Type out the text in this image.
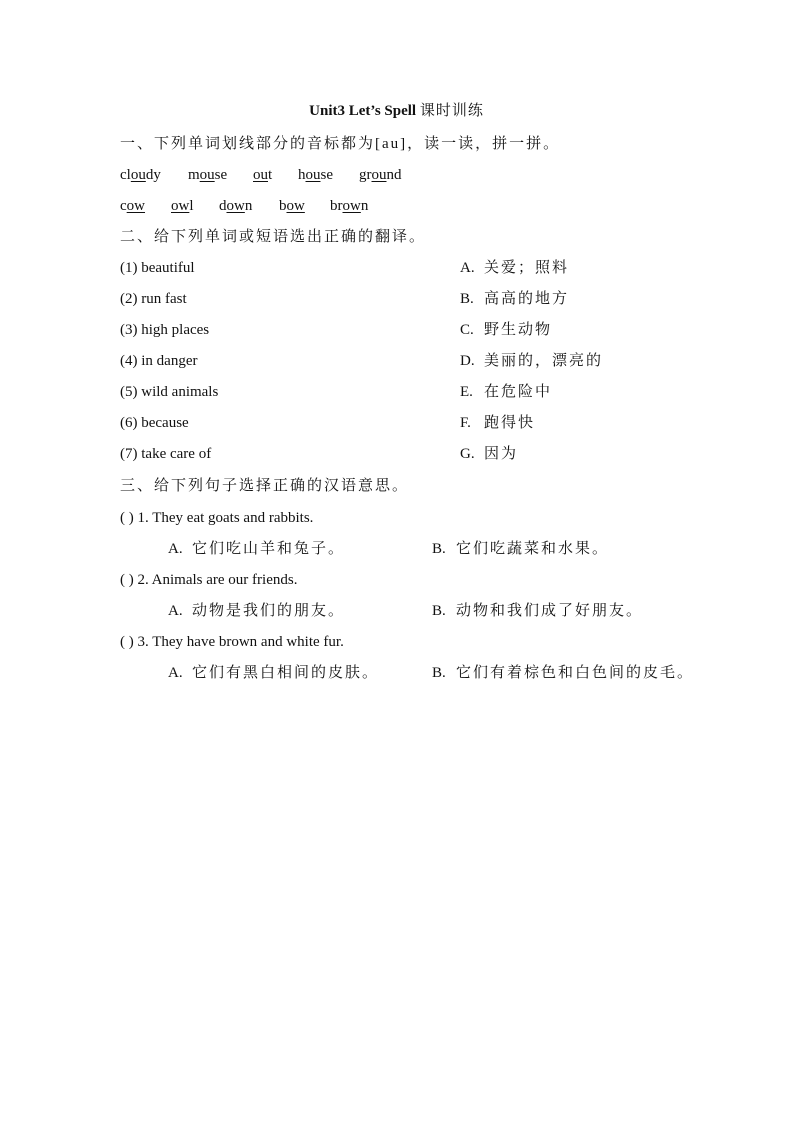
Unit3 Let’s Spell 课时训练
一、下列单词划线部分的音标都为[au]，读一读，拼一拼。
cloudy mouse out house ground
cow owl down bow brown
二、给下列单词或短语选出正确的翻译。
(1) beautiful	A. 关爱；照料
(2) run fast	B. 高高的地方
(3) high places	C. 野生动物
(4) in danger	D. 美丽的，漂亮的
(5) wild animals	E. 在危险中
(6) because	F. 跑得快
(7) take care of	G. 因为
三、给下列句子选择正确的汉语意思。
( ) 1. They eat goats and rabbits.
A. 它们吃山羊和兔子。	B. 它们吃蔬菜和水果。
( ) 2. Animals are our friends.
A. 动物是我们的朋友。	B. 动物和我们成了好朋友。
( ) 3. They have brown and white fur.
A. 它们有黑白相间的皮肤。	B. 它们有着棕色和白色间的皮毛。
